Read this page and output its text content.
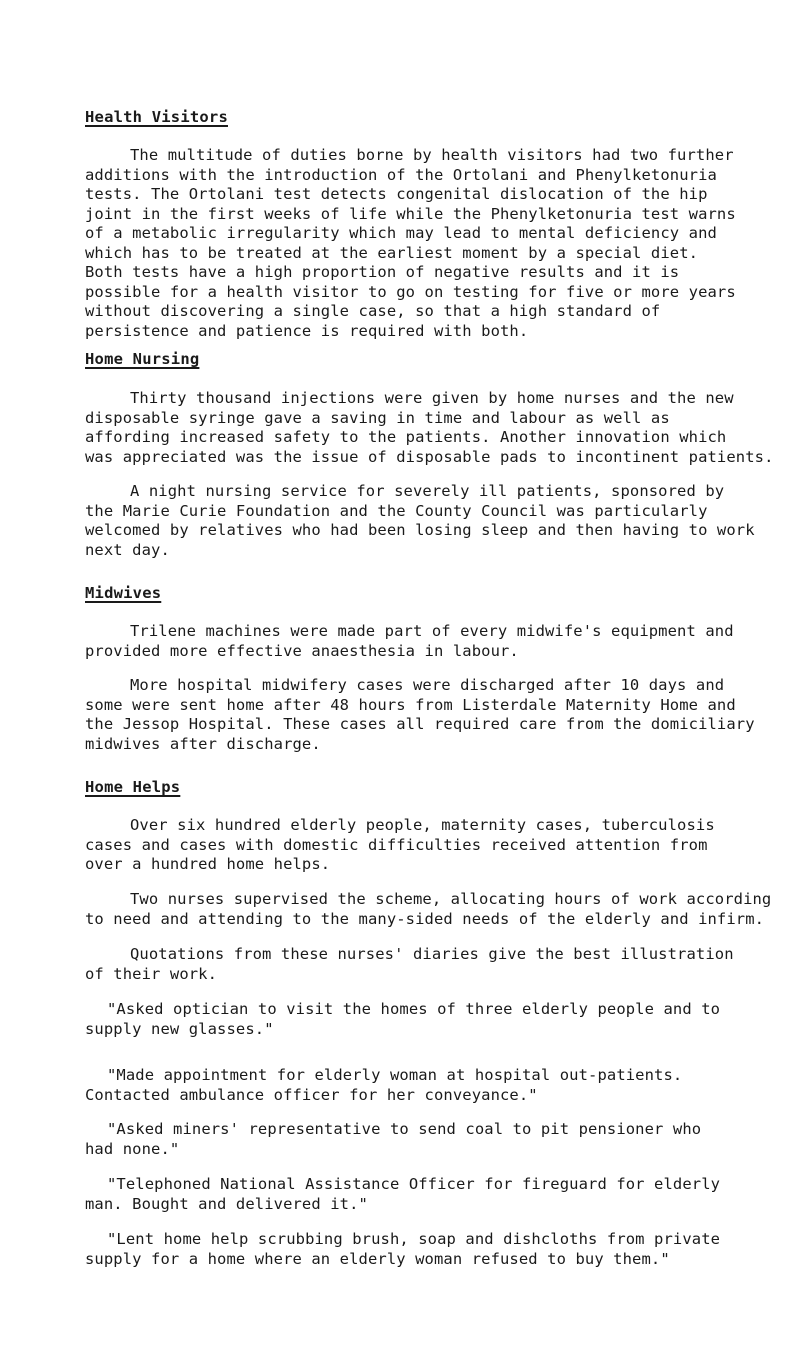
Health Visitors
The multitude of duties borne by health visitors had two further
additions with the introduction of the Ortolani and Phenylketonuria
tests. The Ortolani test detects congenital dislocation of the hip
joint in the first weeks of life while the Phenylketonuria test warns
of a metabolic irregularity which may lead to mental deficiency and
which has to be treated at the earliest moment by a special diet.
Both tests have a high proportion of negative results and it is
possible for a health visitor to go on testing for five or more years
without discovering a single case, so that a high standard of
persistence and patience is required with both.
Home Nursing
Thirty thousand injections were given by home nurses and the new
disposable syringe gave a saving in time and labour as well as
affording increased safety to the patients. Another innovation which
was appreciated was the issue of disposable pads to incontinent patients.
A night nursing service for severely ill patients, sponsored by
the Marie Curie Foundation and the County Council was particularly
welcomed by relatives who had been losing sleep and then having to work
next day.
Midwives
Trilene machines were made part of every midwife's equipment and
provided more effective anaesthesia in labour.
More hospital midwifery cases were discharged after 10 days and
some were sent home after 48 hours from Listerdale Maternity Home and
the Jessop Hospital. These cases all required care from the domiciliary
midwives after discharge.
Home Helps
Over six hundred elderly people, maternity cases, tuberculosis
cases and cases with domestic difficulties received attention from
over a hundred home helps.
Two nurses supervised the scheme, allocating hours of work according
to need and attending to the many-sided needs of the elderly and infirm.
Quotations from these nurses' diaries give the best illustration
of their work.
"Asked optician to visit the homes of three elderly people and to
supply new glasses."
"Made appointment for elderly woman at hospital out-patients.
Contacted ambulance officer for her conveyance."
"Asked miners' representative to send coal to pit pensioner who
had none."
"Telephoned National Assistance Officer for fireguard for elderly
man. Bought and delivered it."
"Lent home help scrubbing brush, soap and dishcloths from private
supply for a home where an elderly woman refused to buy them."
